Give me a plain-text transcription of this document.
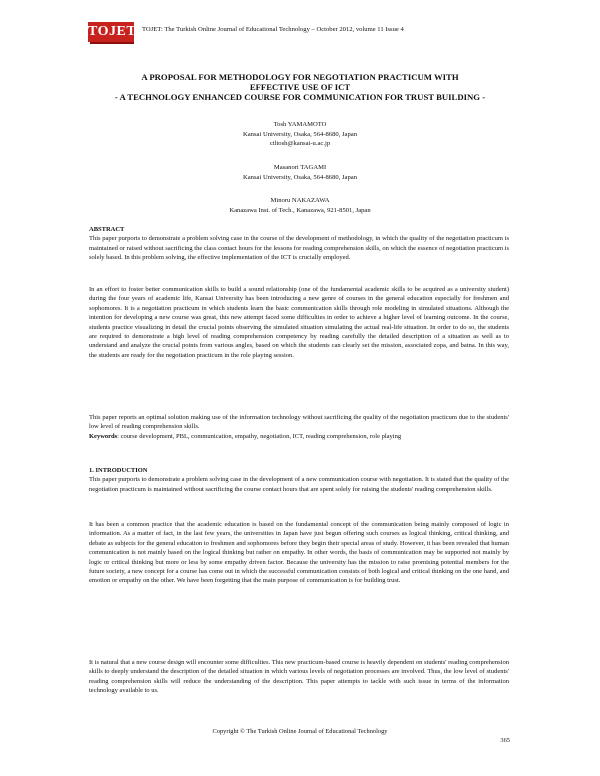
TOJET TOJET: The Turkish Online Journal of Educational Technology – October 2012, volume 11 Issue 4
A PROPOSAL FOR METHODOLOGY FOR NEGOTIATION PRACTICUM WITH
EFFECTIVE USE OF ICT
- A TECHNOLOGY ENHANCED COURSE FOR COMMUNICATION FOR TRUST BUILDING -
Tosh YAMAMOTO
Kansai University, Osaka, 564-8680, Japan
ctltosh@kansai-u.ac.jp
Masanori TAGAMI
Kansai University, Osaka, 564-8680, Japan
Minoru NAKAZAWA
Kanazawa Inst. of Tech., Kanazawa, 921-8501, Japan
ABSTRACT
This paper purports to demonstrate a problem solving case in the course of the development of methodology, in which the quality of the negotiation practicum is maintained or raised without sacrificing the class contact hours for the lessons for reading comprehension skills, on which the essence of negotiation practicum is solely based. In this problem solving, the effective implementation of the ICT is crucially employed.
In an effort to foster better communication skills to build a sound relationship (one of the fundamental academic skills to be acquired as a university student) during the four years of academic life, Kansai University has been introducing a new genre of courses in the general education especially for freshmen and sophomores. It is a negotiation practicum in which students learn the basic communication skills through role modeling in simulated situations. Although the intention for developing a new course was great, this new attempt faced some difficulties in order to achieve a higher level of learning outcome. In the course, students practice visualizing in detail the crucial points observing the simulated situation simulating the actual real-life situation. In order to do so, the students are required to demonstrate a high level of reading comprehension competency by reading carefully the detailed description of a situation as well as to understand and analyze the crucial points from various angles, based on which the students can clearly set the mission, associated zopa, and batna. In this way, the students are ready for the negotiation practicum in the role playing session.
This paper reports an optimal solution making use of the information technology without sacrificing the quality of the negotiation practicum due to the students' low level of reading comprehension skills.
Keywords: course development, PBL, communication, empathy, negotiation, ICT, reading comprehension, role playing
1. INTRODUCTION
This paper purports to demonstrate a problem solving case in the development of a new communication course with negotiation. It is stated that the quality of the negotiation practicum is maintained without sacrificing the course contact hours that are spent solely for raising the students' reading comprehension skills.
It has been a common practice that the academic education is based on the fundamental concept of the communication being mainly composed of logic in information. As a matter of fact, in the last few years, the universities in Japan have just begun offering such courses as logical thinking, critical thinking, and debate as subjects for the general education to freshmen and sophomores before they begin their special areas of study. However, it has been revealed that human communication is not mainly based on the logical thinking but rather on empathy. In other words, the basis of communication may be supported not mainly by logic or critical thinking but more or less by some empathy driven factor. Because the university has the mission to raise promising potential members for the future society, a new concept for a course has come out in which the successful communication consists of both logical and critical thinking on the one hand, and emotion or empathy on the other. We have been forgetting that the main purpose of communication is for building trust.
It is natural that a new course design will encounter some difficulties. This new practicum-based course is heavily dependent on students' reading comprehension skills to deeply understand the description of the detailed situation in which various levels of negotiation processes are involved. Thus, the low level of students' reading comprehension skills will reduce the understanding of the description. This paper attempts to tackle with such issue in terms of the information technology available to us.
Copyright © The Turkish Online Journal of Educational Technology
365
